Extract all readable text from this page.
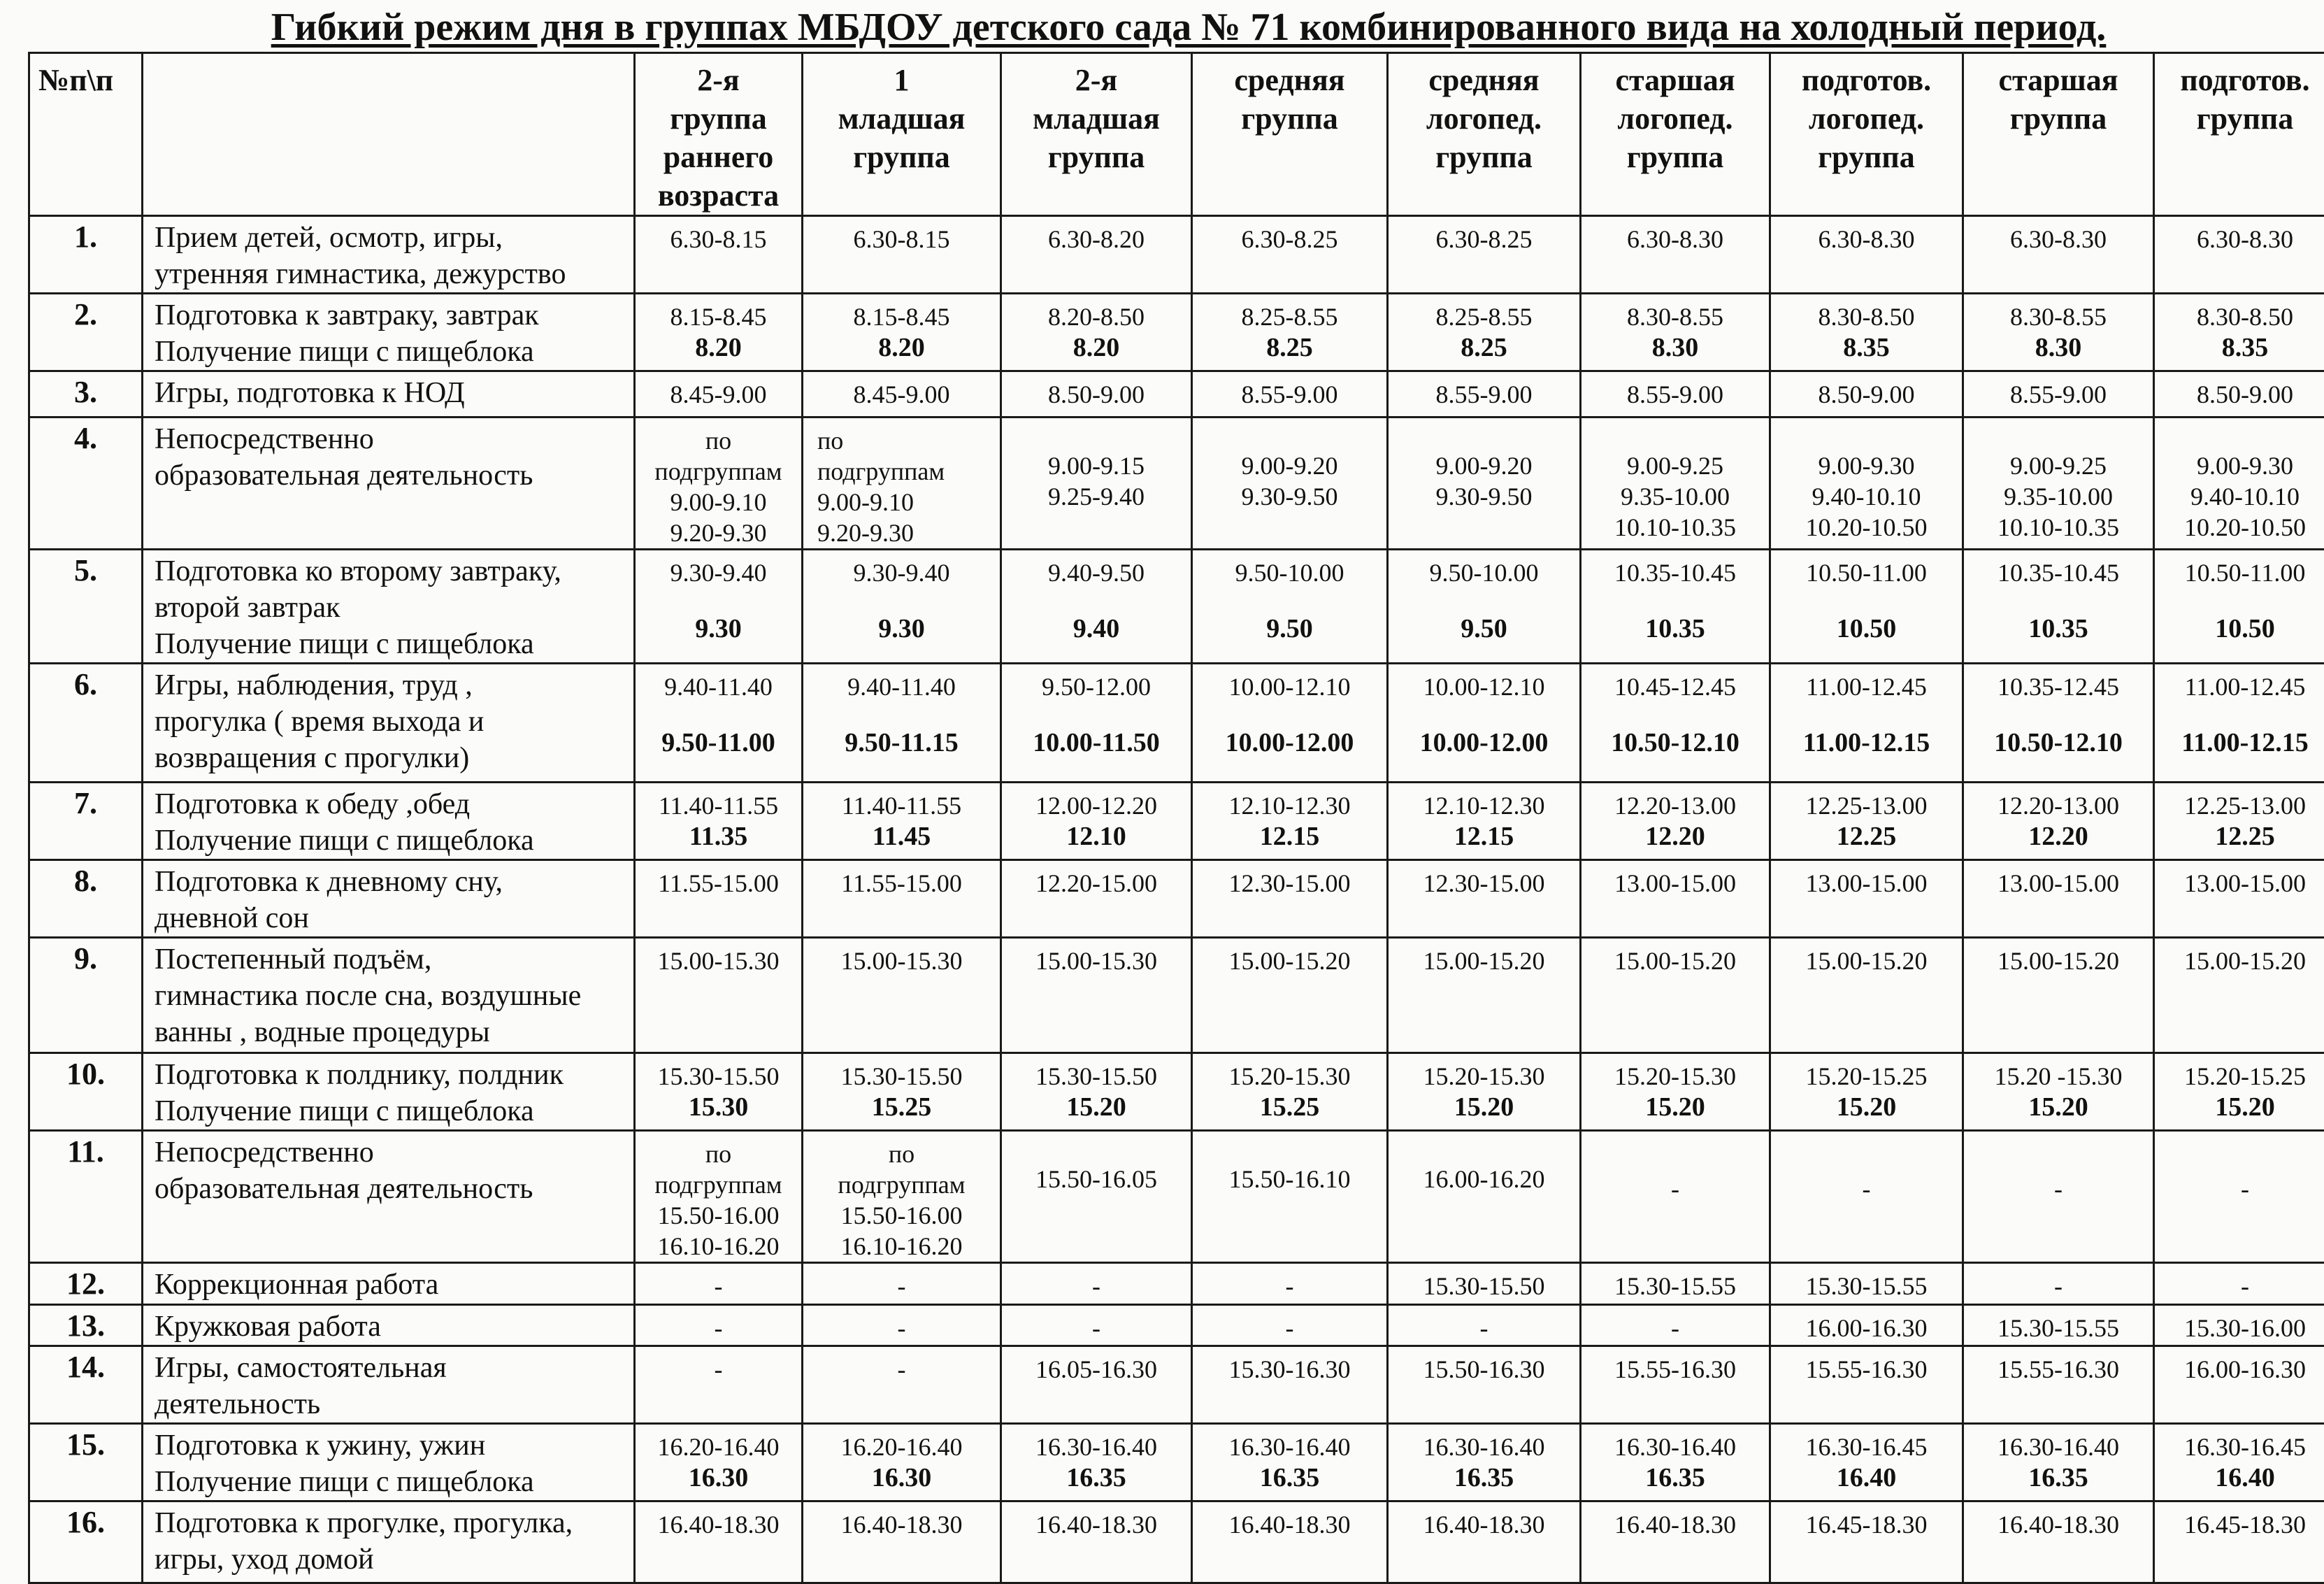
Гибкий режим дня в группах МБДОУ детского сада № 71 комбинированного вида на холодный период.
№п\п		2-я
группа
раннего
возраста	1
младшая
группа	2-я
младшая
группа	средняя
группа	средняя
логопед.
группа	старшая
логопед.
группа	подготов.
логопед.
группа	старшая
группа	подготов.
группа

1.	Прием детей, осмотр, игры,
утренняя гимнастика, дежурство	6.30-8.15	6.30-8.15	6.30-8.20	6.30-8.25	6.30-8.25	6.30-8.30	6.30-8.30	6.30-8.30	6.30-8.30

2.	Подготовка к завтраку, завтрак
Получение пищи с пищеблока	8.15-8.45
8.20	8.15-8.45
8.20	8.20-8.50
8.20	8.25-8.55
8.25	8.25-8.55
8.25	8.30-8.55
8.30	8.30-8.50
8.35	8.30-8.55
8.30	8.30-8.50
8.35

3.	Игры, подготовка к НОД	8.45-9.00	8.45-9.00	8.50-9.00	8.55-9.00	8.55-9.00	8.55-9.00	8.50-9.00	8.55-9.00	8.50-9.00

4.	Непосредственно
образовательная деятельность	по
подгруппам
9.00-9.10
9.20-9.30	по
подгруппам
9.00-9.10
9.20-9.30	9.00-9.15
9.25-9.40	9.00-9.20
9.30-9.50	9.00-9.20
9.30-9.50	9.00-9.25
9.35-10.00
10.10-10.35	9.00-9.30
9.40-10.10
10.20-10.50	9.00-9.25
9.35-10.00
10.10-10.35	9.00-9.30
9.40-10.10
10.20-10.50

5.	Подготовка ко второму завтраку,
второй завтрак
Получение пищи с пищеблока	9.30-9.40
9.30	9.30-9.40
9.30	9.40-9.50
9.40	9.50-10.00
9.50	9.50-10.00
9.50	10.35-10.45
10.35	10.50-11.00
10.50	10.35-10.45
10.35	10.50-11.00
10.50

6.	Игры, наблюдения, труд ,
прогулка ( время выхода и
возвращения с прогулки)	9.40-11.40
9.50-11.00	9.40-11.40
9.50-11.15	9.50-12.00
10.00-11.50	10.00-12.10
10.00-12.00	10.00-12.10
10.00-12.00	10.45-12.45
10.50-12.10	11.00-12.45
11.00-12.15	10.35-12.45
10.50-12.10	11.00-12.45
11.00-12.15

7.	Подготовка к обеду ,обед
Получение пищи с пищеблока	11.40-11.55
11.35	11.40-11.55
11.45	12.00-12.20
12.10	12.10-12.30
12.15	12.10-12.30
12.15	12.20-13.00
12.20	12.25-13.00
12.25	12.20-13.00
12.20	12.25-13.00
12.25

8.	Подготовка к дневному сну,
дневной сон	11.55-15.00	11.55-15.00	12.20-15.00	12.30-15.00	12.30-15.00	13.00-15.00	13.00-15.00	13.00-15.00	13.00-15.00

9.	Постепенный подъём,
гимнастика после сна, воздушные
ванны , водные процедуры	15.00-15.30	15.00-15.30	15.00-15.30	15.00-15.20	15.00-15.20	15.00-15.20	15.00-15.20	15.00-15.20	15.00-15.20

10.	Подготовка к полднику, полдник
Получение пищи с пищеблока	15.30-15.50
15.30	15.30-15.50
15.25	15.30-15.50
15.20	15.20-15.30
15.25	15.20-15.30
15.20	15.20-15.30
15.20	15.20-15.25
15.20	15.20 -15.30
15.20	15.20-15.25
15.20

11.	Непосредственно
образовательная деятельность	по
подгруппам
15.50-16.00
16.10-16.20	по
подгруппам
15.50-16.00
16.10-16.20	15.50-16.05	15.50-16.10	16.00-16.20	-	-	-	-

12.	Коррекционная работа	-	-	-	-	15.30-15.50	15.30-15.55	15.30-15.55	-	-

13.	Кружковая работа	-	-	-	-	-	-	16.00-16.30	15.30-15.55	15.30-16.00

14.	Игры, самостоятельная
деятельность	-	-	16.05-16.30	15.30-16.30	15.50-16.30	15.55-16.30	15.55-16.30	15.55-16.30	16.00-16.30

15.	Подготовка к ужину, ужин
Получение пищи с пищеблока	16.20-16.40
16.30	16.20-16.40
16.30	16.30-16.40
16.35	16.30-16.40
16.35	16.30-16.40
16.35	16.30-16.40
16.35	16.30-16.45
16.40	16.30-16.40
16.35	16.30-16.45
16.40

16.	Подготовка к прогулке, прогулка,
игры, уход домой	16.40-18.30	16.40-18.30	16.40-18.30	16.40-18.30	16.40-18.30	16.40-18.30	16.45-18.30	16.40-18.30	16.45-18.30
